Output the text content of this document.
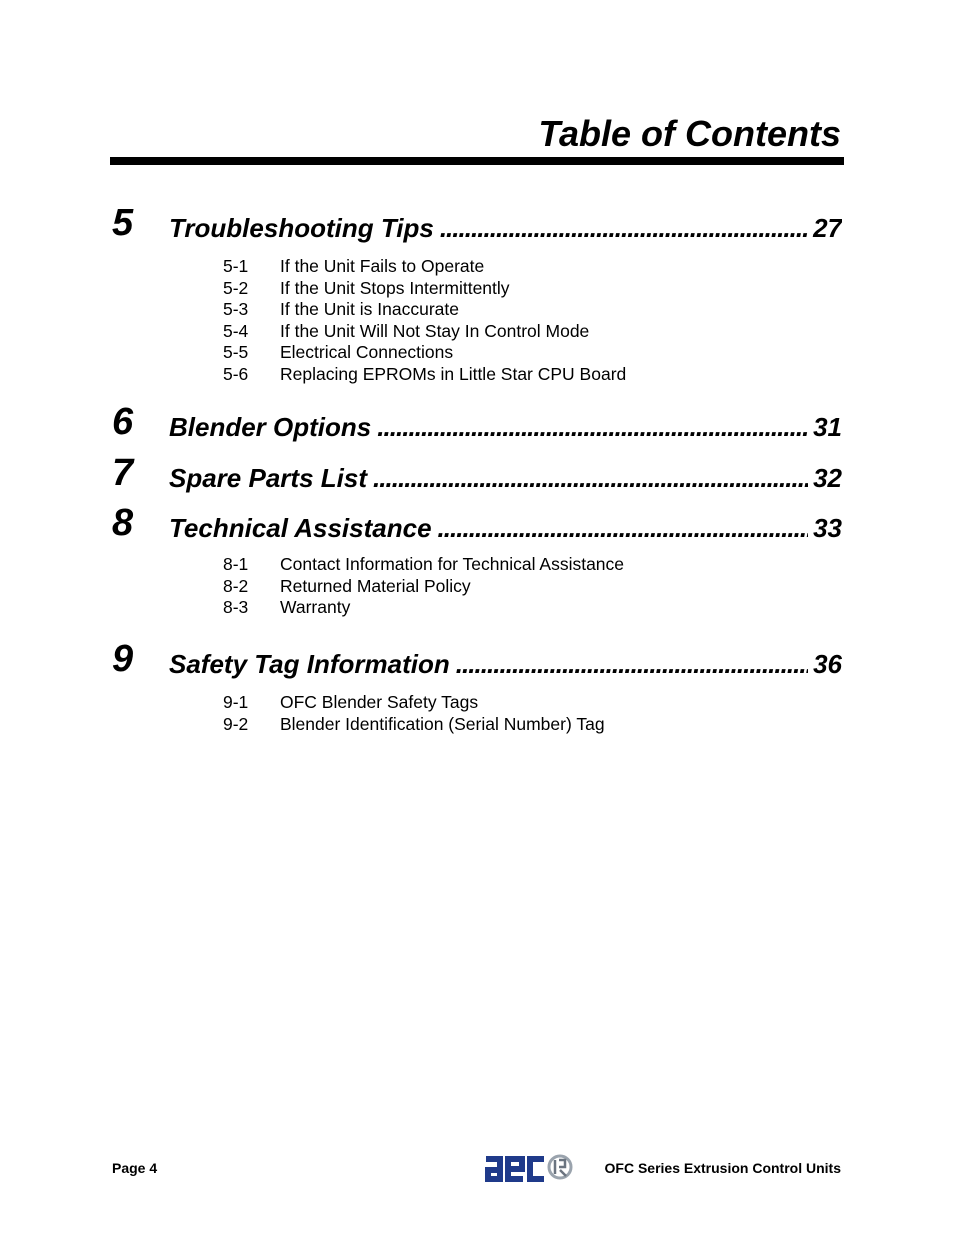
Table of Contents
5 Troubleshooting Tips . . .	27
5-1	If the Unit Fails to Operate
5-2	If the Unit Stops Intermittently
5-3	If the Unit is Inaccurate
5-4	If the Unit Will Not Stay In Control Mode
5-5	Electrical Connections
5-6	Replacing EPROMs in Little Star CPU Board
6 Blender Options . . .	31
7 Spare Parts List . . .	32
8 Technical Assistance . . .	33
8-1	Contact Information for Technical Assistance
8-2	Returned Material Policy
8-3	Warranty
9 Safety Tag Information . . .	36
9-1	OFC Blender Safety Tags
9-2	Blender Identification (Serial Number) Tag
Page 4	OFC Series Extrusion Control Units
